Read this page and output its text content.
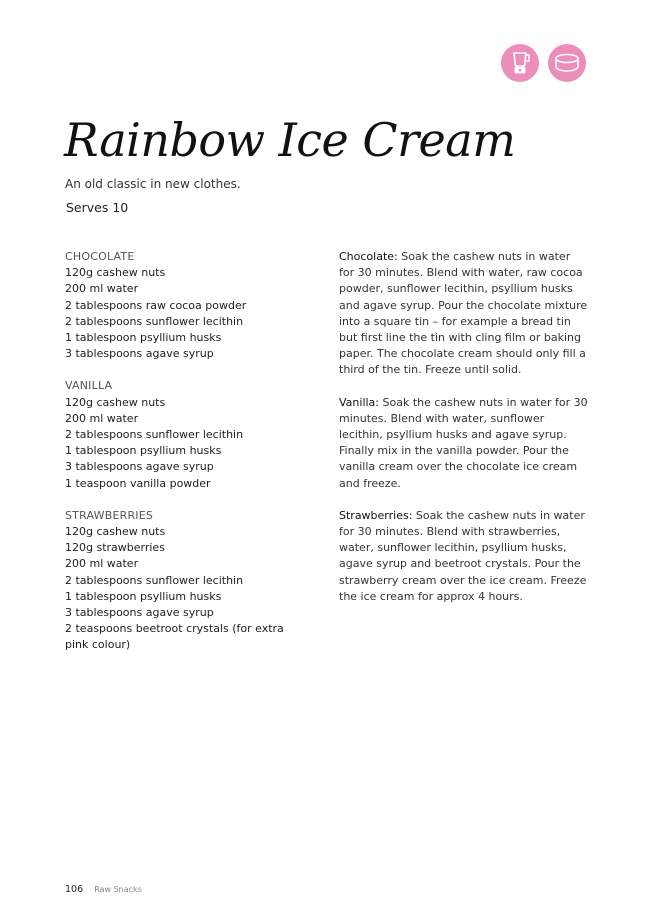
Rainbow Ice Cream
An old classic in new clothes.
Serves 10
CHOCOLATE
120g cashew nuts
200 ml water
2 tablespoons raw cocoa powder
2 tablespoons sunflower lecithin
1 tablespoon psyllium husks
3 tablespoons agave syrup
VANILLA
120g cashew nuts
200 ml water
2 tablespoons sunflower lecithin
1 tablespoon psyllium husks
3 tablespoons agave syrup
1 teaspoon vanilla powder
STRAWBERRIES
120g cashew nuts
120g strawberries
200 ml water
2 tablespoons sunflower lecithin
1 tablespoon psyllium husks
3 tablespoons agave syrup
2 teaspoons beetroot crystals (for extra pink colour)

Chocolate: Soak the cashew nuts in water for 30 minutes. Blend with water, raw cocoa powder, sunflower lecithin, psyllium husks and agave syrup. Pour the chocolate mixture into a square tin – for example a bread tin but first line the tin with cling film or baking paper. The chocolate cream should only fill a third of the tin. Freeze until solid.

Vanilla: Soak the cashew nuts in water for 30 minutes. Blend with water, sunflower lecithin, psyllium husks and agave syrup. Finally mix in the vanilla powder. Pour the vanilla cream over the chocolate ice cream and freeze.

Strawberries: Soak the cashew nuts in water for 30 minutes. Blend with strawberries, water, sunflower lecithin, psyllium husks, agave syrup and beetroot crystals. Pour the strawberry cream over the ice cream. Freeze the ice cream for approx 4 hours.

106 Raw Snacks
